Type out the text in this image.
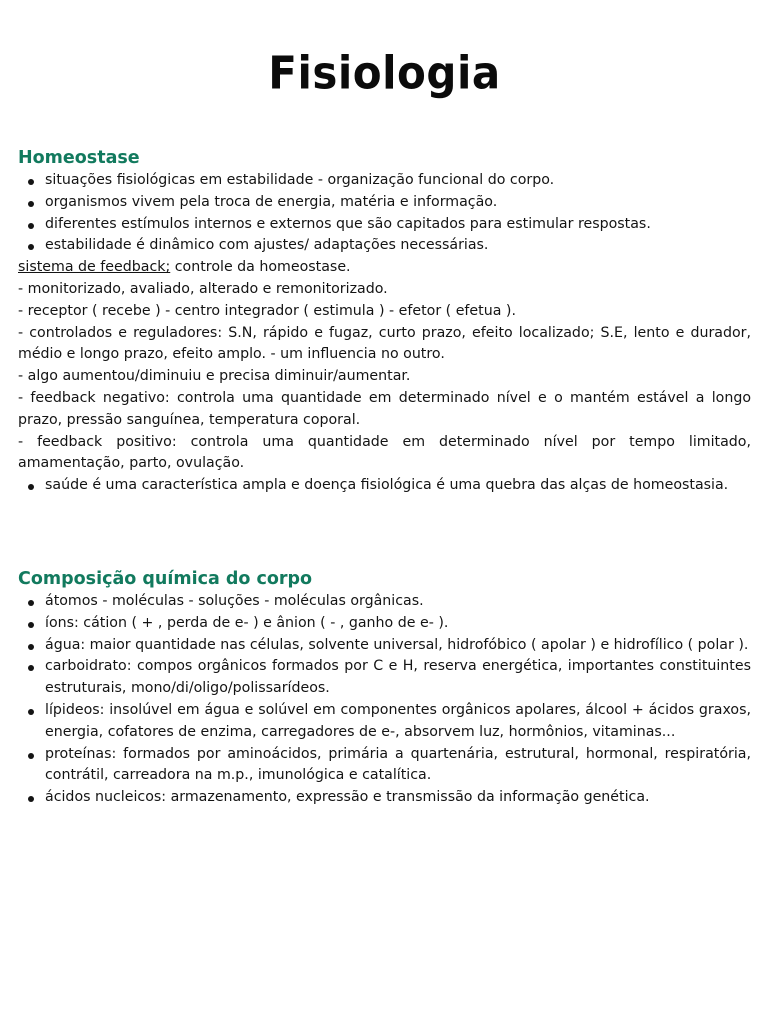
Fisiologia
Homeostase
situações fisiológicas em estabilidade - organização funcional do corpo.
organismos vivem pela troca de energia, matéria e informação.
diferentes estímulos internos e externos que são capitados para estimular respostas.
estabilidade é dinâmico com ajustes/ adaptações necessárias.

sistema de feedback; controle da homeostase.

- monitorizado, avaliado, alterado e remonitorizado.

- receptor ( recebe ) - centro integrador ( estimula ) - efetor ( efetua ).

- controlados e reguladores: S.N, rápido e fugaz, curto prazo, efeito localizado; S.E, lento e durador, médio e longo prazo, efeito amplo. - um influencia no outro.

- algo aumentou/diminuiu e precisa diminuir/aumentar.

- feedback negativo: controla uma quantidade em determinado nível e o mantém estável a longo prazo, pressão sanguínea, temperatura coporal.

- feedback positivo: controla uma quantidade em determinado nível por tempo limitado, amamentação, parto, ovulação.

saúde é uma característica ampla e doença fisiológica é uma quebra das alças de homeostasia.
Composição química do corpo
átomos - moléculas - soluções - moléculas orgânicas.
íons: cátion ( + , perda de e- ) e ânion ( - , ganho de e- ).
água: maior quantidade nas células, solvente universal, hidrofóbico ( apolar ) e hidrofílico ( polar ).
carboidrato: compos orgânicos formados por C e H, reserva energética, importantes constituintes estruturais, mono/di/oligo/polissarídeos.
lípideos: insolúvel em água e solúvel em componentes orgânicos apolares, álcool + ácidos graxos, energia, cofatores de enzima, carregadores de e-, absorvem luz, hormônios, vitaminas...
proteínas: formados por aminoácidos, primária a quartenária, estrutural, hormonal, respiratória, contrátil, carreadora na m.p., imunológica e catalítica.
ácidos nucleicos: armazenamento, expressão e transmissão da informação genética.
